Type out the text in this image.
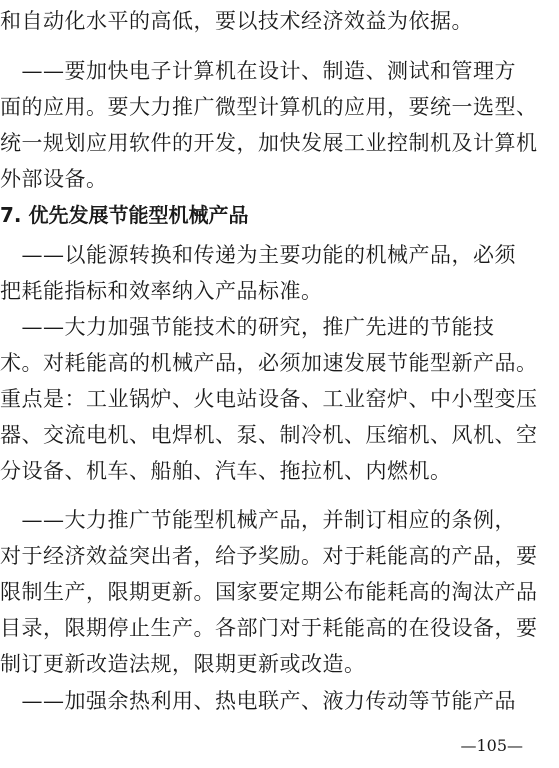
和自动化水平的高低，要以技术经济效益为依据。
　——要加快电子计算机在设计、制造、测试和管理方
面的应用。要大力推广微型计算机的应用，要统一选型、
统一规划应用软件的开发，加快发展工业控制机及计算机
外部设备。
7. 优先发展节能型机械产品
　——以能源转换和传递为主要功能的机械产品，必须
把耗能指标和效率纳入产品标准。
　——大力加强节能技术的研究，推广先进的节能技
术。对耗能高的机械产品，必须加速发展节能型新产品。
重点是：工业锅炉、火电站设备、工业窑炉、中小型变压
器、交流电机、电焊机、泵、制冷机、压缩机、风机、空
分设备、机车、船舶、汽车、拖拉机、内燃机。
　——大力推广节能型机械产品，并制订相应的条例，
对于经济效益突出者，给予奖励。对于耗能高的产品，要
限制生产，限期更新。国家要定期公布能耗高的淘汰产品
目录，限期停止生产。各部门对于耗能高的在役设备，要
制订更新改造法规，限期更新或改造。
　——加强余热利用、热电联产、液力传动等节能产品
—105—
